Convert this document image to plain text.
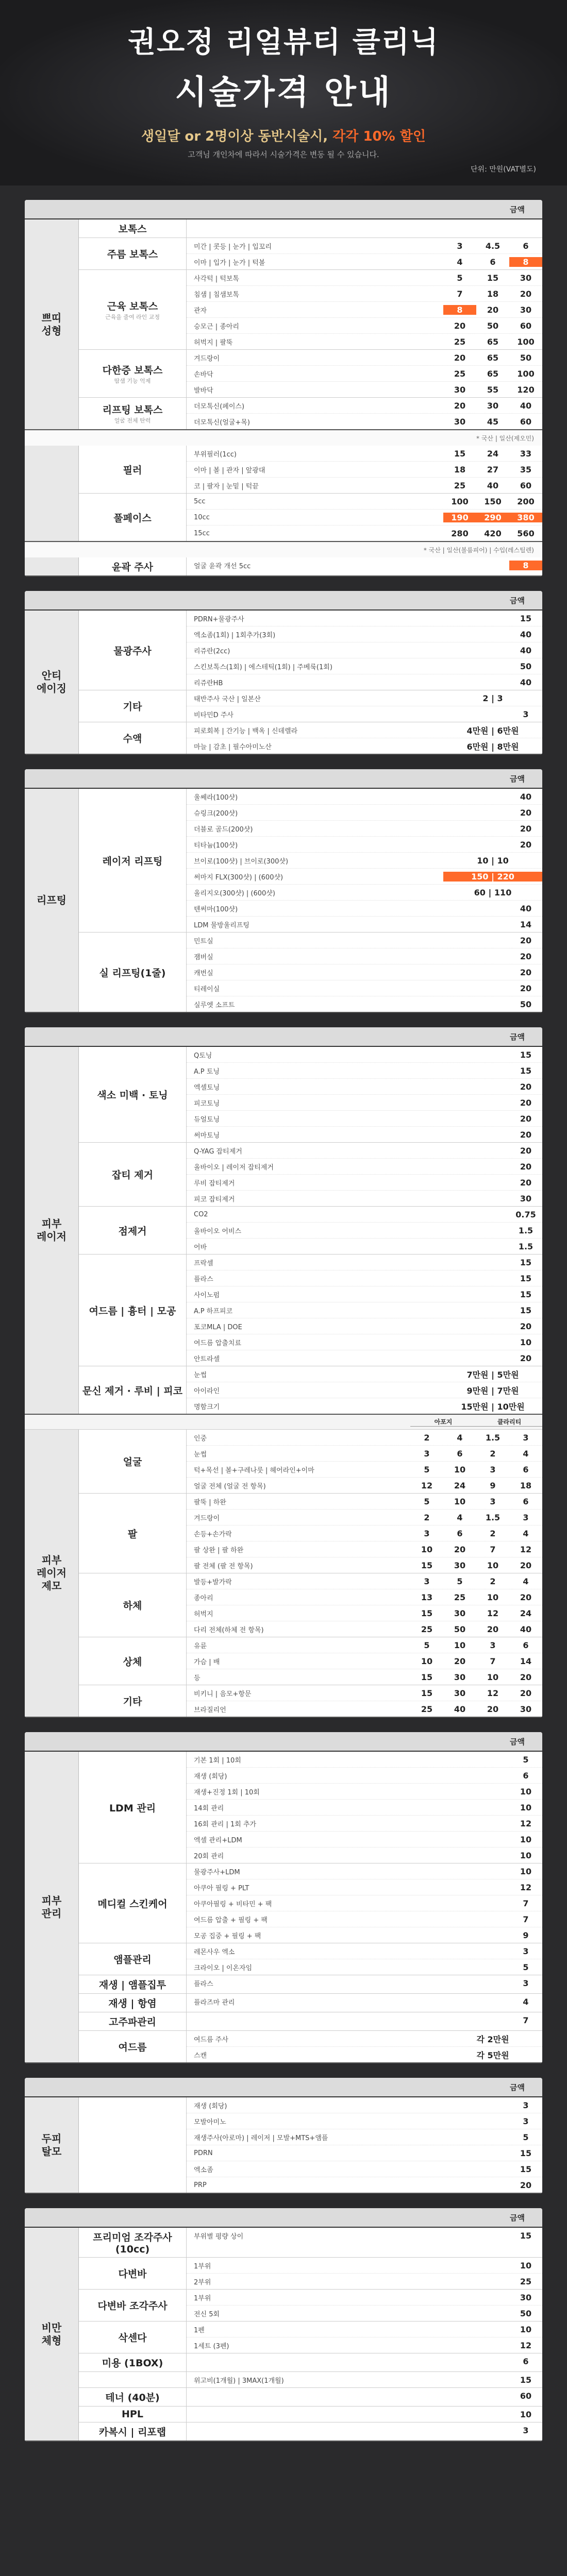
권오정 리얼뷰티 클리닉
시술가격 안내
생일달 or 2명이상 동반시술시, 각각 10% 할인
고객님 개인차에 따라서 시술가격은 변동 될 수 있습니다.
단위: 만원(VAT별도)
금액
쁘띠
성형
보톡스
주름 보톡스
미간 | 콧등 | 눈가 | 입꼬리	3	4.5	6
이마 | 입가 | 눈가 | 턱볼	4	6	8
근육 보톡스
근육을 줄여 라인 교정
사각턱 | 턱보톡	5	15	30
침샘 | 침샘보톡	7	18	20
관자	8	20	30
승모근 | 종아리	20	50	60
허벅지 | 팔뚝	25	65	100
다한증 보톡스
땀샘 기능 억제
겨드랑이	20	65	50
손바닥	25	65	100
발바닥	30	55	120
리프팅 보톡스
얼굴 전체 탄력
더모톡신(페이스)	20	30	40
더모톡신(얼굴+목)	30	45	60
* 국산 | 일산(제오민)
필러
부위필러(1cc)	15	24	33
이마 | 볼 | 관자 | 앞광대	18	27	35
코 | 팔자 | 눈밑 | 턱끝	25	40	60
풀페이스
5cc	100	150	200
10cc	190	290	380
15cc	280	420	560
* 국산 | 일산(볼룸피어) | 수입(레스틸렌)
윤곽 주사	얼굴 윤곽 개선 5cc	8
금액
안티
에이징
물광주사
PDRN+물광주사	15
엑소좀(1회) | 1회추가(3회)	40
리쥬란(2cc)	40
스킨보톡스(1회) | 에스테틱(1회) | 주베룩(1회)	50
리쥬란HB	40
기타
태반주사 국산 | 일본산	2 | 3
비타민D 주사	3
수액
피로회복 | 간기능 | 백옥 | 신데렐라	4만원 | 6만원
마늘 | 감초 | 필수아미노산	6만원 | 8만원
금액
리프팅
레이저 리프팅
울쎄라(100샷)	40
슈링크(200샷)	20
더블로 골드(200샷)	20
티타늄(100샷)	20
브이로(100샷) | 브이로(300샷)	10 | 10
써마지 FLX(300샷) | (600샷)	150 | 220
올리지오(300샷) | (600샷)	60 | 110
텐써마(100샷)	40
LDM 물방울리프팅	14
실 리프팅(1줄)
민트실	20
잼버실	20
캐번실	20
티레이실	20
실루엣 소프트	50
금액
피부
레이저
색소 미백 · 토닝
Q토닝	15
A.P 토닝	15
엑셀토닝	20
피코토닝	20
듀얼토닝	20
써마토닝	20
잡티 제거
Q-YAG 잡티제거	20
올바이오 | 레이저 잡티제거	20
루비 잡티제거	20
피코 잡티제거	30
점제거
CO2	0.75
올바이오 어비스	1.5
어바	1.5
여드름 | 흉터 | 모공
프락셀	15
플라스	15
사이노펌	15
A.P 하프피코	15
포코MLA | DOE	20
여드름 압출치료	10
안트라셀	20
문신 제거 · 루비 | 피코
눈썹	7만원 | 5만원
아이라인	9만원 | 7만원
명함크기	15만원 | 10만원
아포지	클라리티
피부
레이저
제모
얼굴
인중	2	4	1.5	3
눈썹	3	6	2	4
턱+목선 | 볼+구레나룻 | 헤어라인+이마	5	10	3	6
얼굴 전체 (얼굴 전 항목)	12	24	9	18
팔
팔뚝 | 하완	5	10	3	6
겨드랑이	2	4	1.5	3
손등+손가락	3	6	2	4
팔 상완 | 팔 하완	10	20	7	12
팔 전체 (팔 전 항목)	15	30	10	20
하체
발등+발가락	3	5	2	4
종아리	13	25	10	20
허벅지	15	30	12	24
다리 전체(하체 전 항목)	25	50	20	40
상체
유륜	5	10	3	6
가슴 | 배	10	20	7	14
등	15	30	10	20
기타
비키니 | 음모+항문	15	30	12	20
브라질리언	25	40	20	30
금액
피부
관리
LDM 관리
기본 1회 | 10회	5
재생 (회당)	6
재생+진정 1회 | 10회	10
14회 관리	10
16회 관리 | 1회 추가	12
엑셀 관리+LDM	10
20회 관리	10
메디컬 스킨케어
물광주사+LDM	10
아쿠아 필링 + PLT	12
아쿠아필링 + 비타민 + 팩	7
여드름 압출 + 필링 + 팩	7
모공 집중 + 필링 + 팩	9
앰플관리
레몬사우 엑소	3
크라이오 | 이온자임	5
재생 | 앰플집투	플라스	3
재생 | 항염	플라즈마 관리	4
고주파관리	7
여드름
여드름 주사	각 2만원
스캔	각 5만원
금액
두피
탈모
재생 (회당)	3
모발아미노	3
재생주사(아로마) | 레이저 | 모발+MTS+앰플	5
PDRN	15
엑소좀	15
PRP	20
금액
비만
체형
프리미엄 조각주사(10cc)
부위별 평량 상이	15
다변바
1부위	10
2부위	25
다변바 조각주사
1부위	30
전신 5회	50
삭센다
1펜	10
1세트 (3펜)	12
미용 (1BOX)	6
위고비(1개월) | 3MAX(1개월)	15
테너 (40분)	60
HPL	10
카복시 | 리포랩	3
